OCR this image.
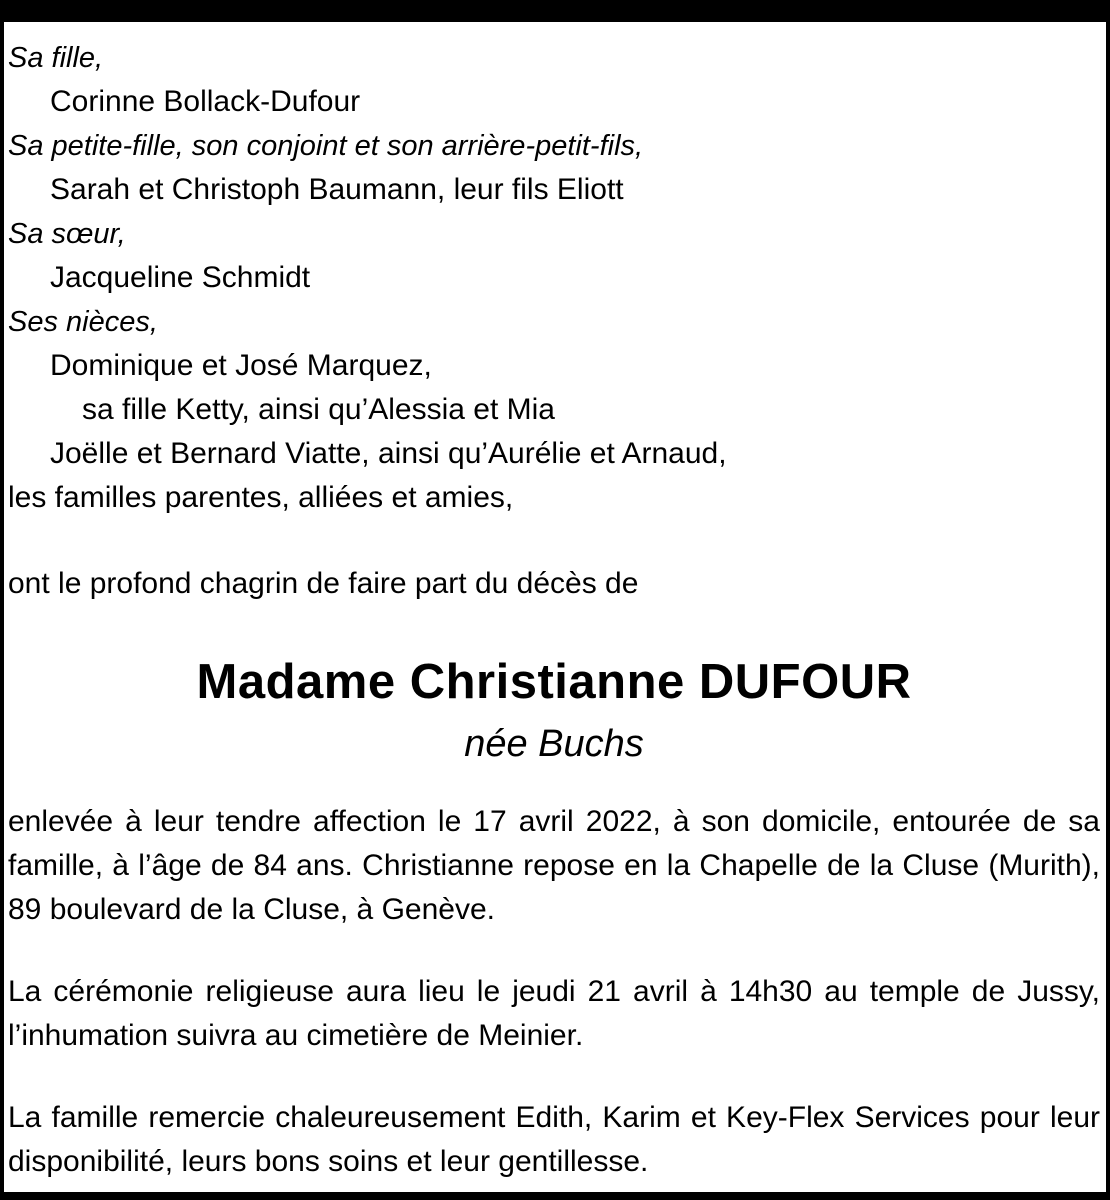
Sa fille,
Corinne Bollack-Dufour
Sa petite-fille, son conjoint et son arrière-petit-fils,
Sarah et Christoph Baumann, leur fils Eliott
Sa sœur,
Jacqueline Schmidt
Ses nièces,
Dominique et José Marquez,
sa fille Ketty, ainsi qu’Alessia et Mia
Joëlle et Bernard Viatte, ainsi qu’Aurélie et Arnaud,
les familles parentes, alliées et amies,
ont le profond chagrin de faire part du décès de
Madame Christianne DUFOUR
née Buchs
enlevée à leur tendre affection le 17 avril 2022, à son domicile, entourée de sa famille, à l’âge de 84 ans. Christianne repose en la Chapelle de la Cluse (Murith), 89 boulevard de la Cluse, à Genève.
La cérémonie religieuse aura lieu le jeudi 21 avril à 14h30 au temple de Jussy, l’inhumation suivra au cimetière de Meinier.
La famille remercie chaleureusement Edith, Karim et Key-Flex Services pour leur disponibilité, leurs bons soins et leur gentillesse.
